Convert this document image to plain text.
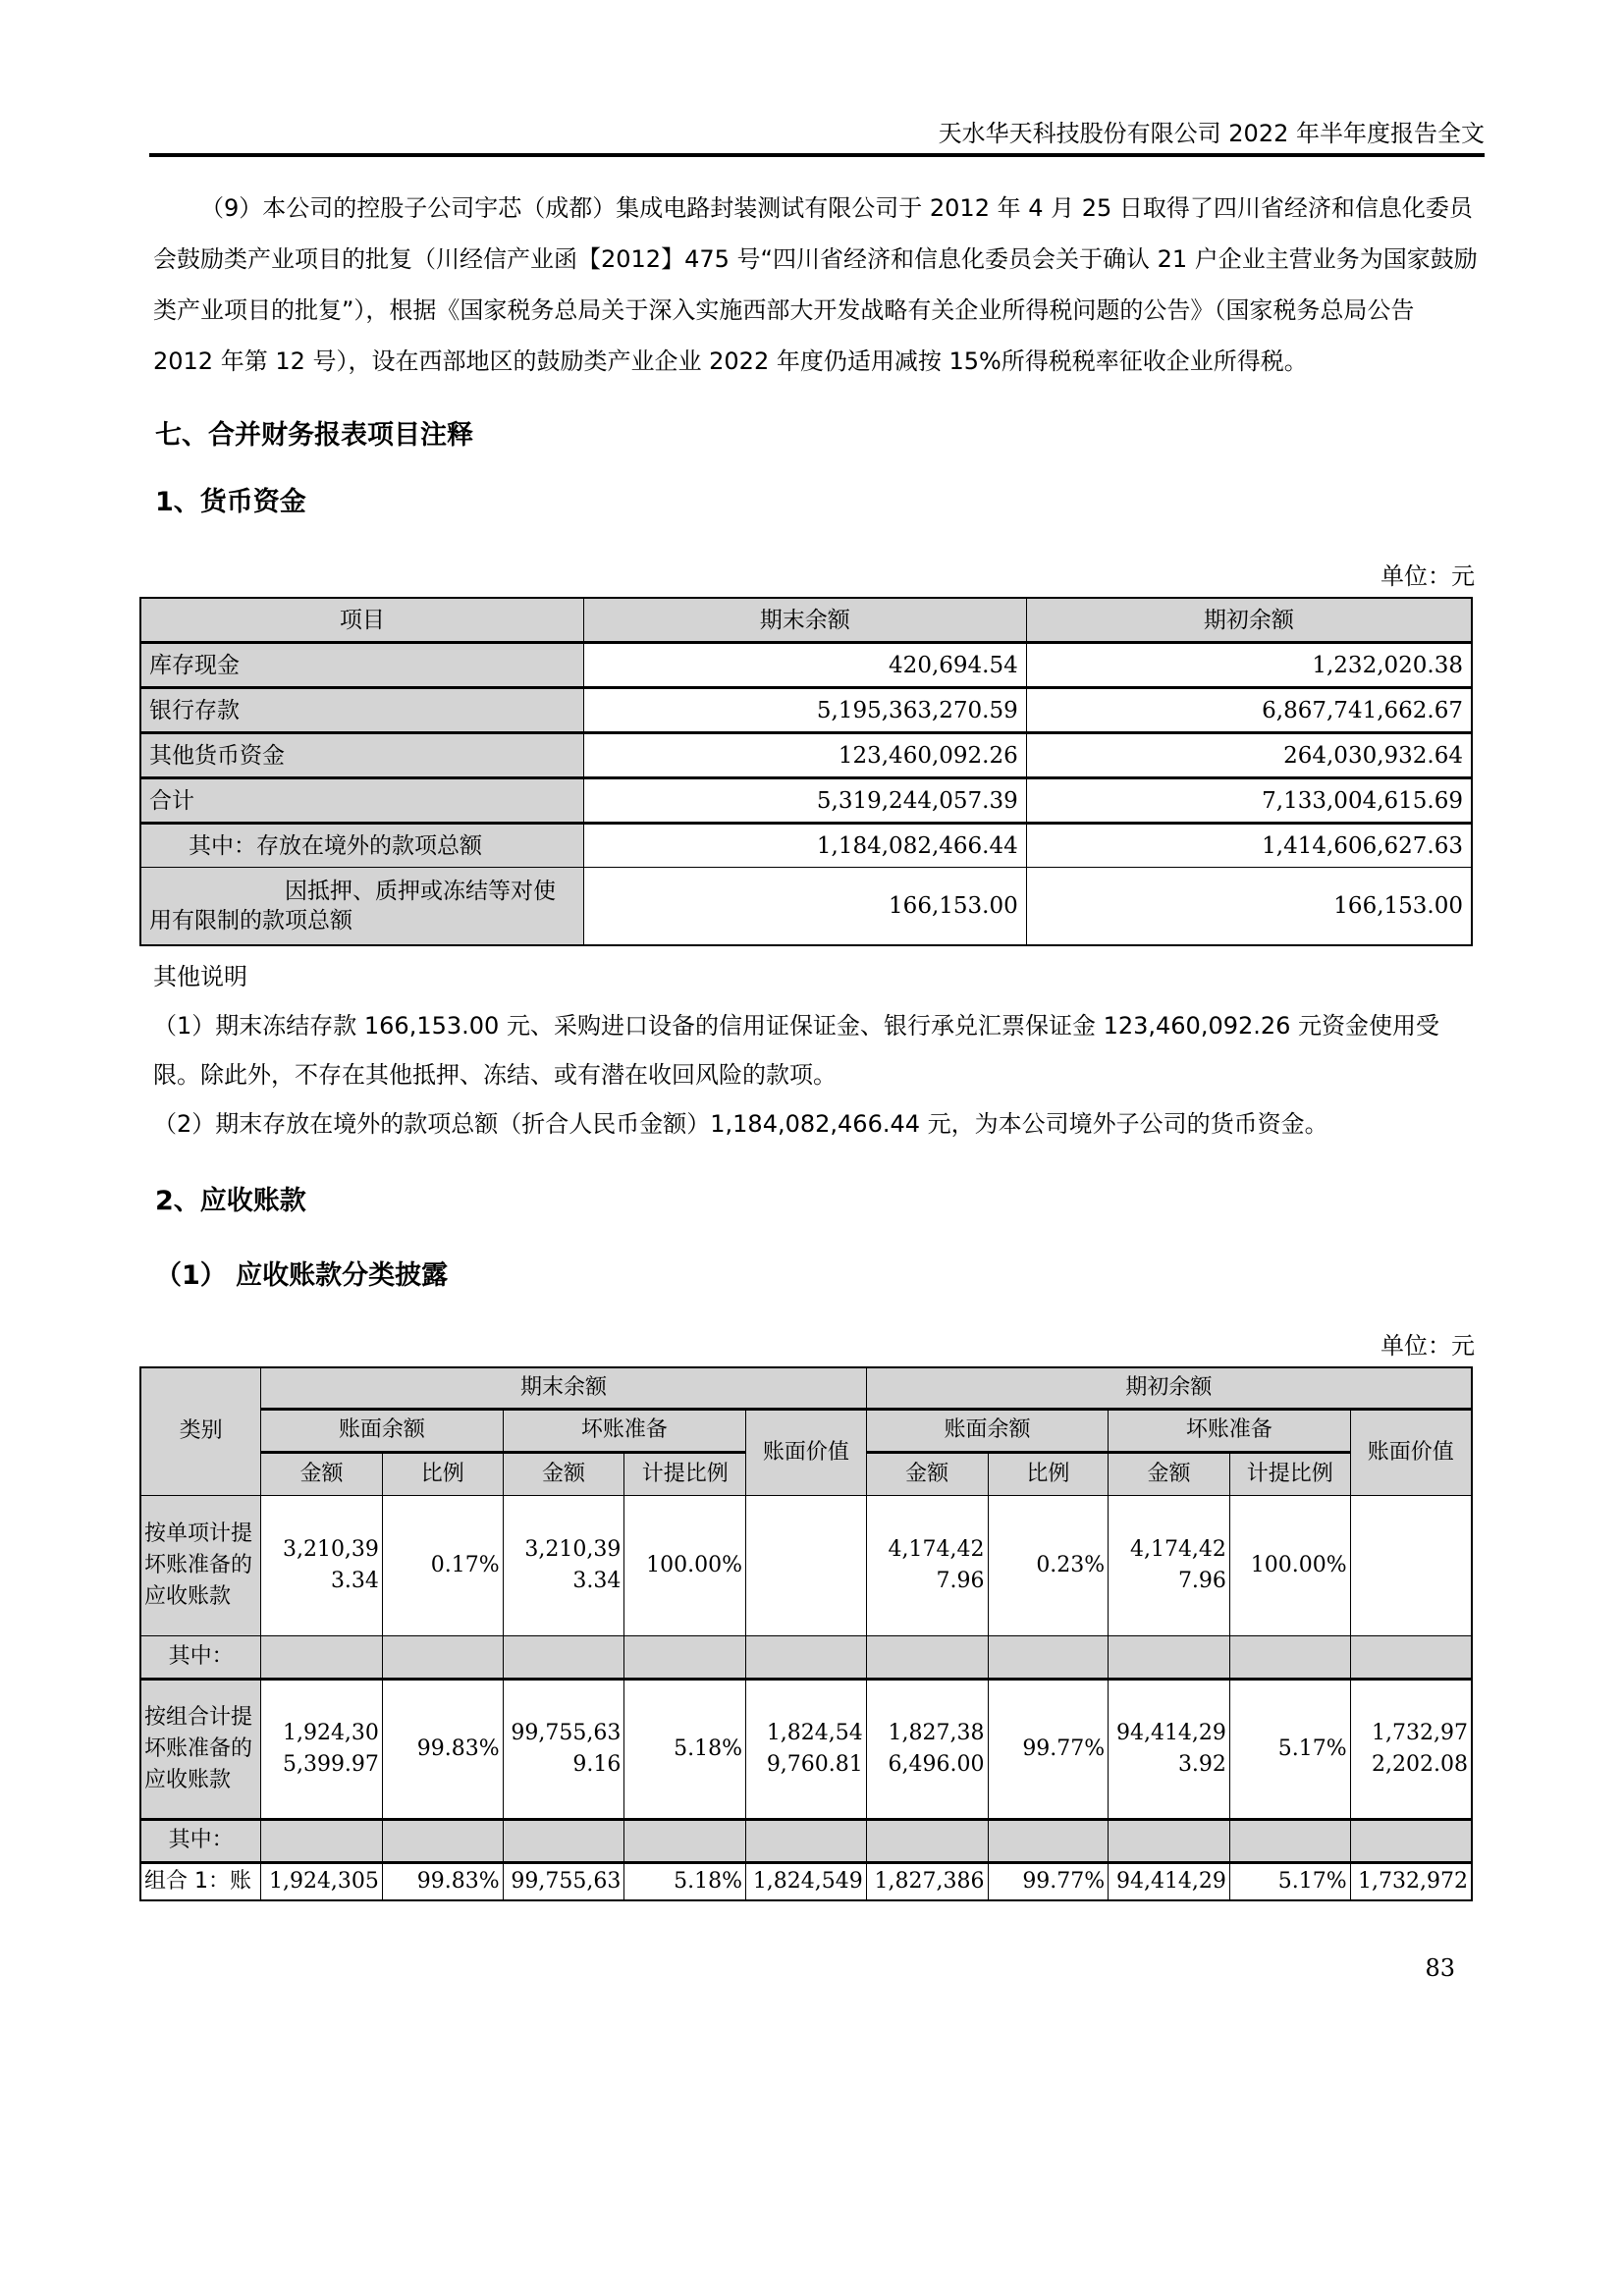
天水华天科技股份有限公司 2022 年半年度报告全文

（9）本公司的控股子公司宇芯（成都）集成电路封装测试有限公司于 2012 年 4 月 25 日取得了四川省经济和信息化委员会鼓励类产业项目的批复（川经信产业函【2012】475 号“四川省经济和信息化委员会关于确认 21 户企业主营业务为国家鼓励类产业项目的批复”），根据《国家税务总局关于深入实施西部大开发战略有关企业所得税问题的公告》（国家税务总局公告 2012 年第 12 号），设在西部地区的鼓励类产业企业 2022 年度仍适用减按 15%所得税税率征收企业所得税。

七、合并财务报表项目注释
1、货币资金
单位：元
项目	期末余额	期初余额
库存现金	420,694.54	1,232,020.38
银行存款	5,195,363,270.59	6,867,741,662.67
其他货币资金	123,460,092.26	264,030,932.64
合计	5,319,244,057.39	7,133,004,615.69
其中：存放在境外的款项总额	1,184,082,466.44	1,414,606,627.63
因抵押、质押或冻结等对使用有限制的款项总额	166,153.00	166,153.00

其他说明

（1）期末冻结存款 166,153.00 元、采购进口设备的信用证保证金、银行承兑汇票保证金 123,460,092.26 元资金使用受限。除此外，不存在其他抵押、冻结、或有潜在收回风险的款项。

（2）期末存放在境外的款项总额（折合人民币金额）1,184,082,466.44 元，为本公司境外子公司的货币资金。

2、应收账款
（1） 应收账款分类披露
单位：元
类别	期末余额					期初余额				
	账面余额		坏账准备		账面价值	账面余额		坏账准备		账面价值
	金额	比例	金额	计提比例		金额	比例	金额	计提比例	
按单项计提坏账准备的应收账款	3,210,393.34	0.17%	3,210,393.34	100.00%		4,174,427.96	0.23%	4,174,427.96	100.00%	
其中：										
按组合计提坏账准备的应收账款	1,924,305,399.97	99.83%	99,755,639.16	5.18%	1,824,549,760.81	1,827,386,496.00	99.77%	94,414,293.92	5.17%	1,732,972,202.08
其中：										
组合 1：账	1,924,305	99.83%	99,755,63	5.18%	1,824,549	1,827,386	99.77%	94,414,29	5.17%	1,732,972
83
